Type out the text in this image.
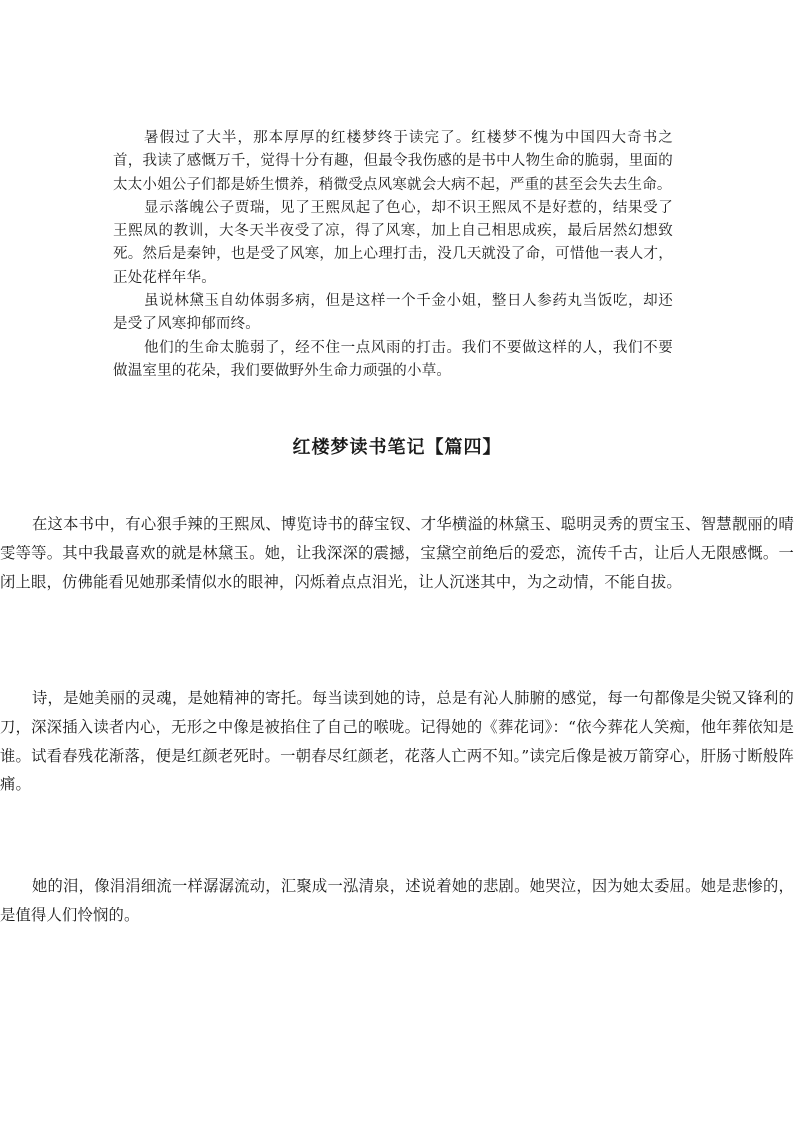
暑假过了大半，那本厚厚的红楼梦终于读完了。红楼梦不愧为中国四大奇书之首，我读了感慨万千，觉得十分有趣，但最令我伤感的是书中人物生命的脆弱，里面的太太小姐公子们都是娇生惯养，稍微受点风寒就会大病不起，严重的甚至会失去生命。

显示落魄公子贾瑞，见了王熙凤起了色心，却不识王熙凤不是好惹的，结果受了王熙凤的教训，大冬天半夜受了凉，得了风寒，加上自己相思成疾，最后居然幻想致死。然后是秦钟，也是受了风寒，加上心理打击，没几天就没了命，可惜他一表人才，正处花样年华。

虽说林黛玉自幼体弱多病，但是这样一个千金小姐，整日人参药丸当饭吃，却还是受了风寒抑郁而终。

他们的生命太脆弱了，经不住一点风雨的打击。我们不要做这样的人，我们不要做温室里的花朵，我们要做野外生命力顽强的小草。

红楼梦读书笔记【篇四】

在这本书中，有心狠手辣的王熙凤、博览诗书的薛宝钗、才华横溢的林黛玉、聪明灵秀的贾宝玉、智慧靓丽的晴雯等等。其中我最喜欢的就是林黛玉。她，让我深深的震撼，宝黛空前绝后的爱恋，流传千古，让后人无限感慨。一闭上眼，仿佛能看见她那柔情似水的眼神，闪烁着点点泪光，让人沉迷其中，为之动情，不能自拔。

诗，是她美丽的灵魂，是她精神的寄托。每当读到她的诗，总是有沁人肺腑的感觉，每一句都像是尖锐又锋利的刀，深深插入读者内心，无形之中像是被掐住了自己的喉咙。记得她的《葬花词》：“依今葬花人笑痴，他年葬依知是谁。试看春残花渐落，便是红颜老死时。一朝春尽红颜老，花落人亡两不知。”读完后像是被万箭穿心，肝肠寸断般阵痛。

她的泪，像涓涓细流一样潺潺流动，汇聚成一泓清泉，述说着她的悲剧。她哭泣，因为她太委屈。她是悲惨的，是值得人们怜悯的。
